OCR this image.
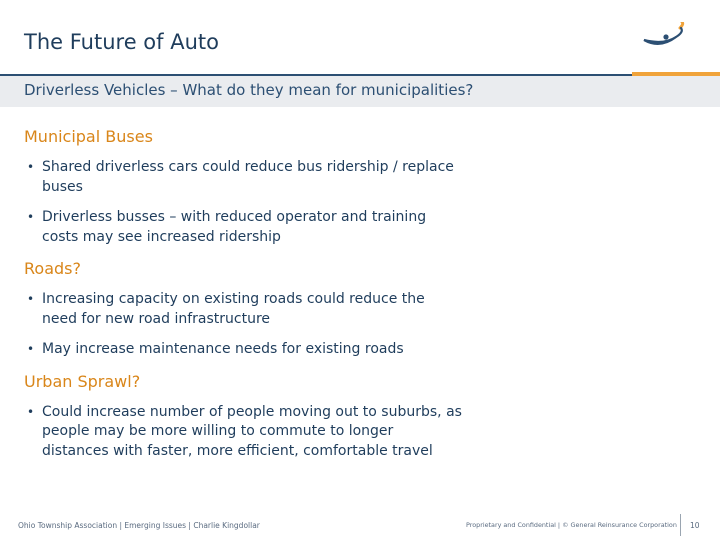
The Future of Auto
Driverless Vehicles – What do they mean for municipalities?
Municipal Buses
• Shared driverless cars could reduce bus ridership / replace buses
• Driverless busses – with reduced operator and training costs may see increased ridership
Roads?
• Increasing capacity on existing roads could reduce the need for new road infrastructure
• May increase maintenance needs for existing roads
Urban Sprawl?
• Could increase number of people moving out to suburbs, as people may be more willing to commute to longer distances with faster, more efficient, comfortable travel
Ohio Township Association | Emerging Issues | Charlie Kingdollar	Proprietary and Confidential | © General Reinsurance Corporation 10
